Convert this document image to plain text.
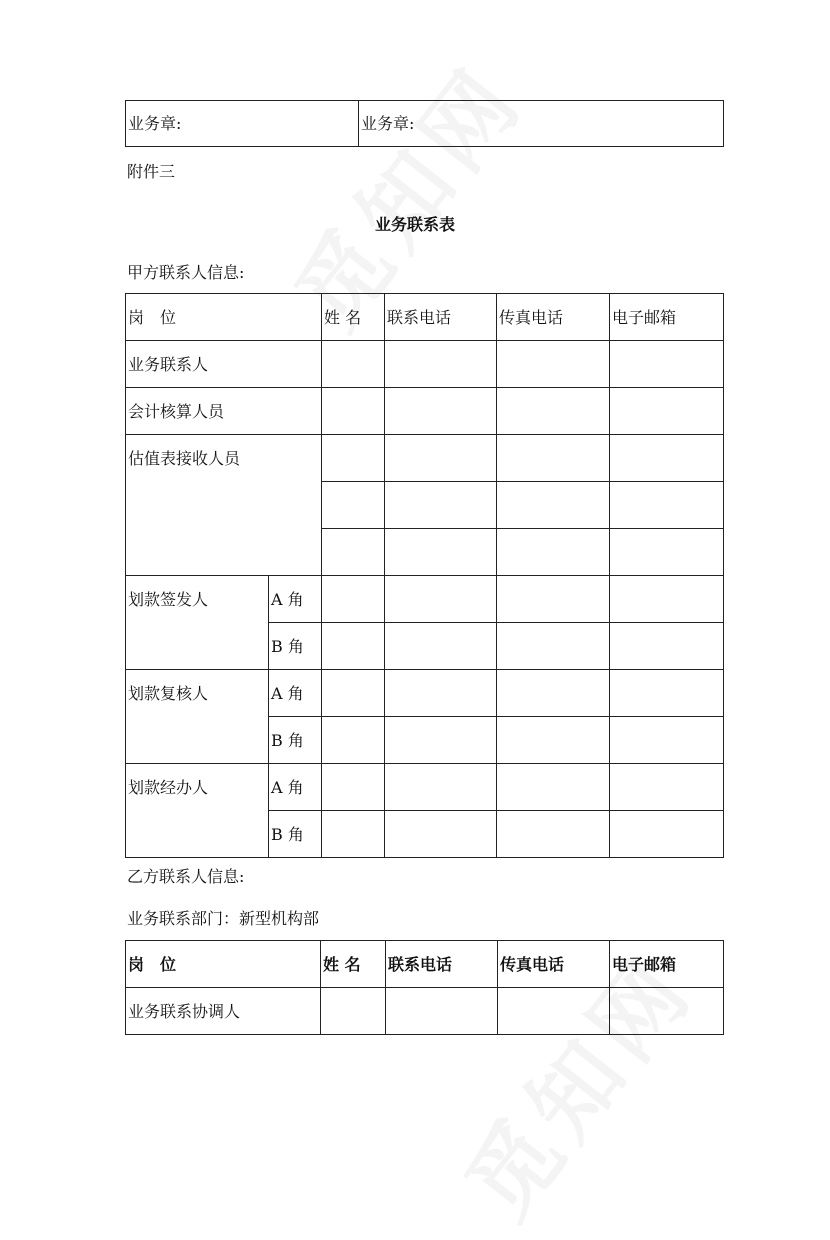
业务章:	业务章:
附件三
业务联系表
甲方联系人信息:
岗　位		姓 名	联系电话	传真电话	电子邮箱
业务联系人					
会计核算人员					
估值表接收人员					

划款签发人	A 角				
	B 角				
划款复核人	A 角				
	B 角				
划款经办人	A 角				
	B 角				
乙方联系人信息:
业务联系部门：新型机构部
岗　位	姓 名	联系电话	传真电话	电子邮箱
业务联系协调人				
